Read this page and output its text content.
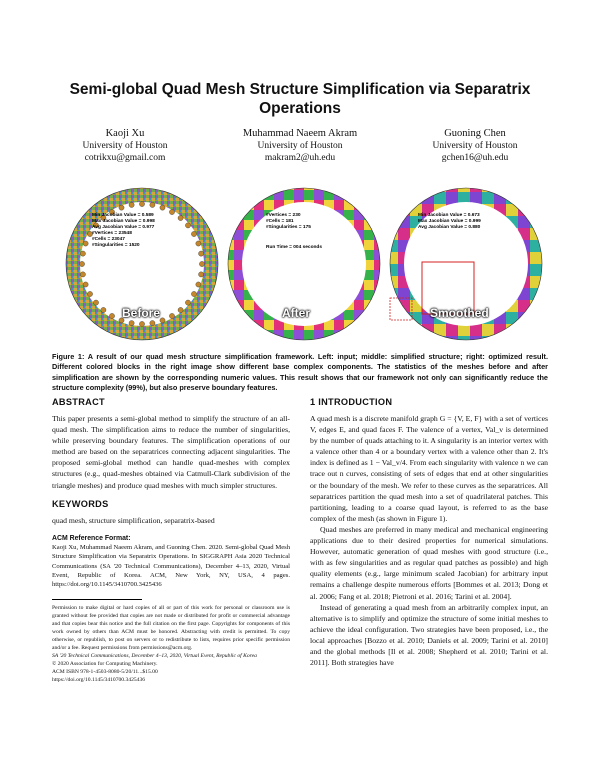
Semi-global Quad Mesh Structure Simplification via Separatrix Operations
Kaoji Xu
University of Houston
cotrikxu@gmail.com
Muhammad Naeem Akram
University of Houston
makram2@uh.edu
Guoning Chen
University of Houston
gchen16@uh.edu
Min Jacobian Value = 0.589
Max Jacobian Value = 0.998
Avg Jacobian Value = 0.977
#Vertices = 23548
#Cells = 23047
#Singularities = 1520
Before
#Vertices = 230
#Cells = 181
#Singularities = 175
Run Time = 004 seconds
After
Min Jacobian Value = 0.673
Max Jacobian Value = 0.999
Avg Jacobian Value = 0.880
Smoothed
Figure 1: A result of our quad mesh structure simplification framework. Left: input; middle: simplified structure; right: optimized result. Different colored blocks in the right image show different base complex components. The statistics of the meshes before and after simplification are shown by the corresponding numeric values. This result shows that our framework not only can significantly reduce the structure complexity (99%), but also preserve boundary features.
ABSTRACT

This paper presents a semi-global method to simplify the structure of an all-quad mesh. The simplification aims to reduce the number of singularities, while preserving boundary features. The simplification operations of our method are based on the separatrices connecting adjacent singularities. The proposed semi-global method can handle quad-meshes with complex structures (e.g., quad-meshes obtained via Catmull-Clark subdivision of the triangle meshes) and produce quad meshes with much simpler structures.

KEYWORDS

quad mesh, structure simplification, separatrix-based

ACM Reference Format:

Kaoji Xu, Muhammad Naeem Akram, and Guoning Chen. 2020. Semi-global Quad Mesh Structure Simplification via Separatrix Operations. In SIGGRAPH Asia 2020 Technical Communications (SA '20 Technical Communications), December 4–13, 2020, Virtual Event, Republic of Korea. ACM, New York, NY, USA, 4 pages. https://doi.org/10.1145/3410700.3425436

Permission to make digital or hard copies of all or part of this work for personal or classroom use is granted without fee provided that copies are not made or distributed for profit or commercial advantage and that copies bear this notice and the full citation on the first page. Copyrights for components of this work owned by others than ACM must be honored. Abstracting with credit is permitted. To copy otherwise, or republish, to post on servers or to redistribute to lists, requires prior specific permission and/or a fee. Request permissions from permissions@acm.org.

SA '20 Technical Communications, December 4–13, 2020, Virtual Event, Republic of Korea

© 2020 Association for Computing Machinery.

ACM ISBN 978-1-4503-8080-5/20/11...$15.00

https://doi.org/10.1145/3410700.3425436

1 INTRODUCTION

A quad mesh is a discrete manifold graph G = {V, E, F} with a set of vertices V, edges E, and quad faces F. The valence of a vertex, Val_v is determined by the number of quads attaching to it. A singularity is an interior vertex with a valence other than 4 or a boundary vertex with a valence other than 2. It's index is defined as 1 − Val_v/4. From each singularity with valence n we can trace out n curves, consisting of sets of edges that end at other singularities or the boundary of the mesh. We refer to these curves as the separatrices. All separatrices partition the quad mesh into a set of quadrilateral patches. This partitioning, leading to a coarse quad layout, is referred to as the base complex of the mesh (as shown in Figure 1).

Quad meshes are preferred in many medical and mechanical engineering applications due to their desired properties for numerical simulations. However, automatic generation of quad meshes with good structure (i.e., with as few singularities and as regular quad patches as possible) and high quality elements (e.g., large minimum scaled Jacobian) for arbitrary input remains a challenge despite numerous efforts [Bommes et al. 2013; Dong et al. 2006; Fang et al. 2018; Pietroni et al. 2016; Tarini et al. 2004].

Instead of generating a quad mesh from an arbitrarily complex input, an alternative is to simplify and optimize the structure of some initial meshes to achieve the ideal configuration. Two strategies have been proposed, i.e., the local approaches [Bozzo et al. 2010; Daniels et al. 2009; Tarini et al. 2010] and the global methods [Il et al. 2008; Shepherd et al. 2010; Tarini et al. 2011]. Both strategies have
